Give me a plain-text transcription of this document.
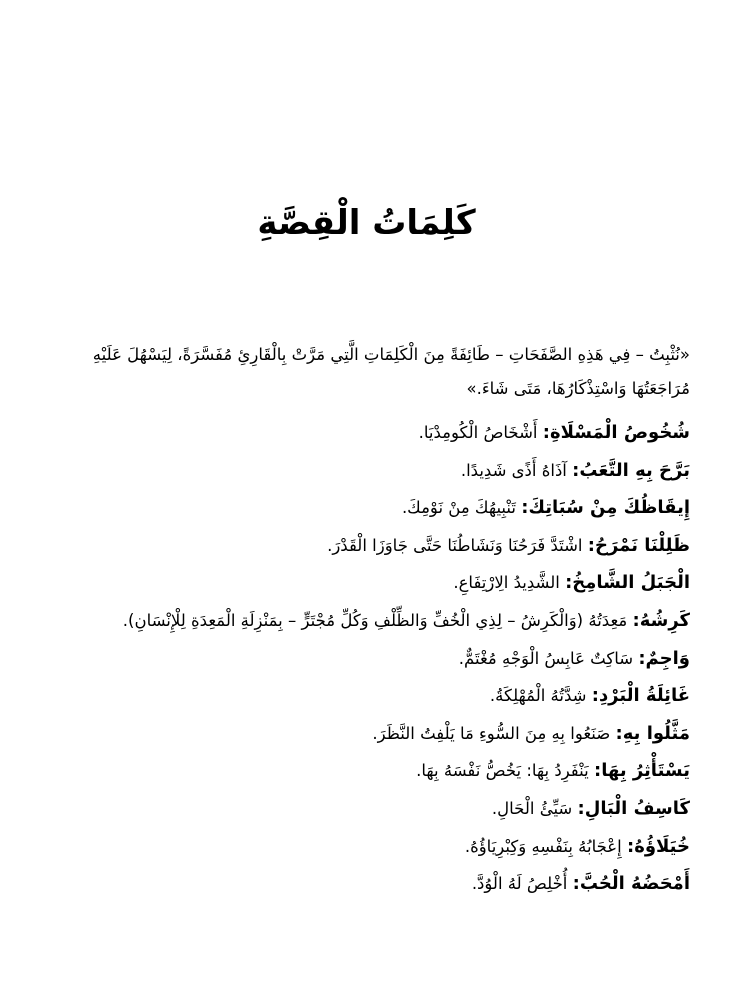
كَلِمَاتُ الْقِصَّةِ

«نُثْبِتُ – فِي هَذِهِ الصَّفَحَاتِ – طَائِفَةً مِنَ الْكَلِمَاتِ الَّتِي مَرَّتْ بِالْقَارِئِ مُفَسَّرَةً، لِيَسْهُلَ عَلَيْهِ مُرَاجَعَتُهَا وَاسْتِذْكَارُهَا، مَتَى شَاءَ.»

شُخُوصُ الْمَسْلَاةِ: أَشْخَاصُ الْكُومِدْيَا.
بَرَّحَ بِهِ التَّعَبُ: آذَاهُ أَذًى شَدِيدًا.
إِيقَاظُكَ مِنْ سُبَاتِكَ: تَنْبِيهُكَ مِنْ نَوْمِكَ.
ظَلِلْنَا نَمْرَحُ: اشْتَدَّ فَرَحُنَا وَنَشَاطُنَا حَتَّى جَاوَزَا الْقَدْرَ.
الْجَبَلُ الشَّامِخُ: الشَّدِيدُ الِارْتِفَاعِ.
كَرِشُهُ: مَعِدَتُهُ (وَالْكَرِشُ – لِذِي الْخُفِّ وَالظِّلْفِ وَكُلِّ مُجْتَرٍّ – بِمَنْزِلَةِ الْمَعِدَةِ لِلْإِنْسَانِ).
وَاجِمٌ: سَاكِتٌ عَابِسُ الْوَجْهِ مُغْتَمٌّ.
غَائِلَةُ الْبَرْدِ: شِدَّتُهُ الْمُهْلِكَةُ.
مَثَّلُوا بِهِ: صَنَعُوا بِهِ مِنَ السُّوءِ مَا يَلْفِتُ النَّظَرَ.
يَسْتَأْثِرُ بِهَا: يَنْفَرِدُ بِهَا: يَخُصُّ نَفْسَهُ بِهَا.
كَاسِفُ الْبَالِ: سَيِّئُ الْحَالِ.
خُيَلَاؤُهُ: إِعْجَابُهُ بِنَفْسِهِ وَكِبْرِيَاؤُهُ.
أَمْحَضُهُ الْحُبَّ: أُخْلِصُ لَهُ الْوُدَّ.
